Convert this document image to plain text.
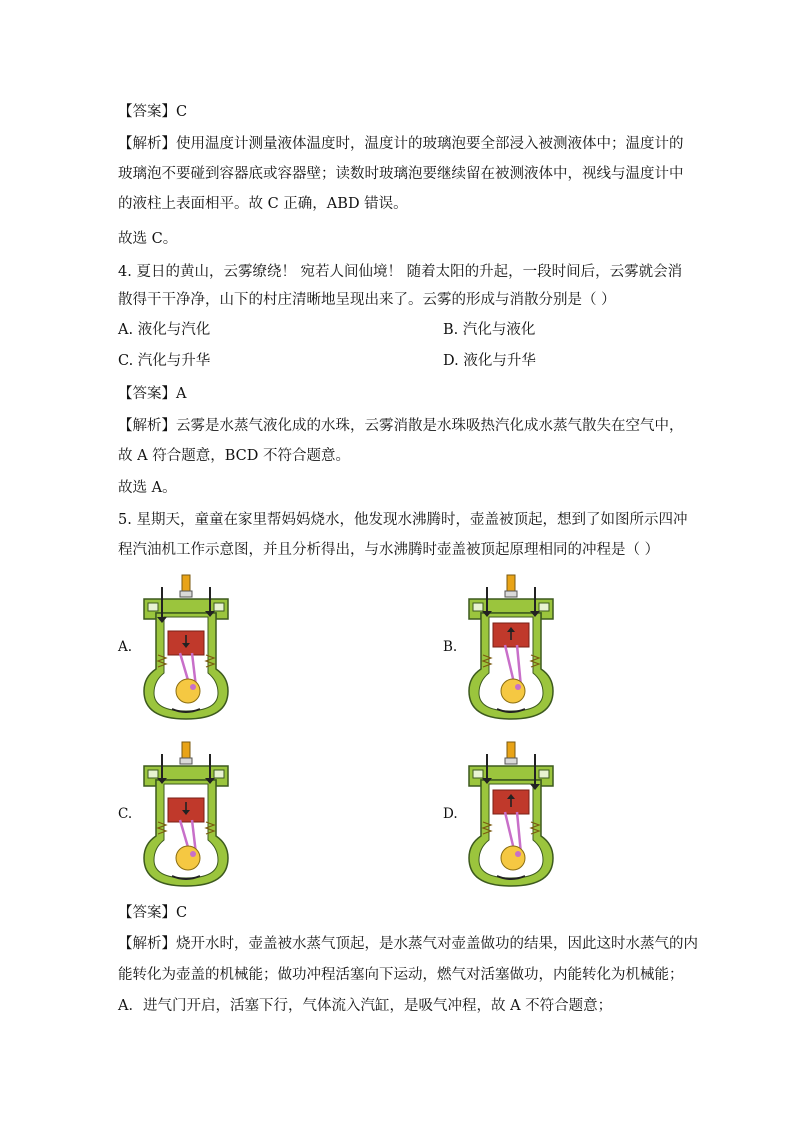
【答案】C
【解析】使用温度计测量液体温度时，温度计的玻璃泡要全部浸入被测液体中；温度计的
玻璃泡不要碰到容器底或容器壁；读数时玻璃泡要继续留在被测液体中，视线与温度计中
的液柱上表面相平。故 C 正确，ABD 错误。
故选 C。
4. 夏日的黄山，云雾缭绕！ 宛若人间仙境！ 随着太阳的升起，一段时间后，云雾就会消
散得干干净净，山下的村庄清晰地呈现出来了。云雾的形成与消散分别是（ ）
A. 液化与汽化	B. 汽化与液化
C. 汽化与升华	D. 液化与升华
【答案】A
【解析】云雾是水蒸气液化成的水珠，云雾消散是水珠吸热汽化成水蒸气散失在空气中，
故 A 符合题意，BCD 不符合题意。
故选 A。
5. 星期天，童童在家里帮妈妈烧水，他发现水沸腾时，壶盖被顶起，想到了如图所示四冲
程汽油机工作示意图，并且分析得出，与水沸腾时壶盖被顶起原理相同的冲程是（ ）
A.	B.
C.	D.
【答案】C
【解析】烧开水时，壶盖被水蒸气顶起，是水蒸气对壶盖做功的结果，因此这时水蒸气的内
能转化为壶盖的机械能；做功冲程活塞向下运动，燃气对活塞做功，内能转化为机械能；
A．进气门开启，活塞下行，气体流入汽缸，是吸气冲程，故 A 不符合题意；
